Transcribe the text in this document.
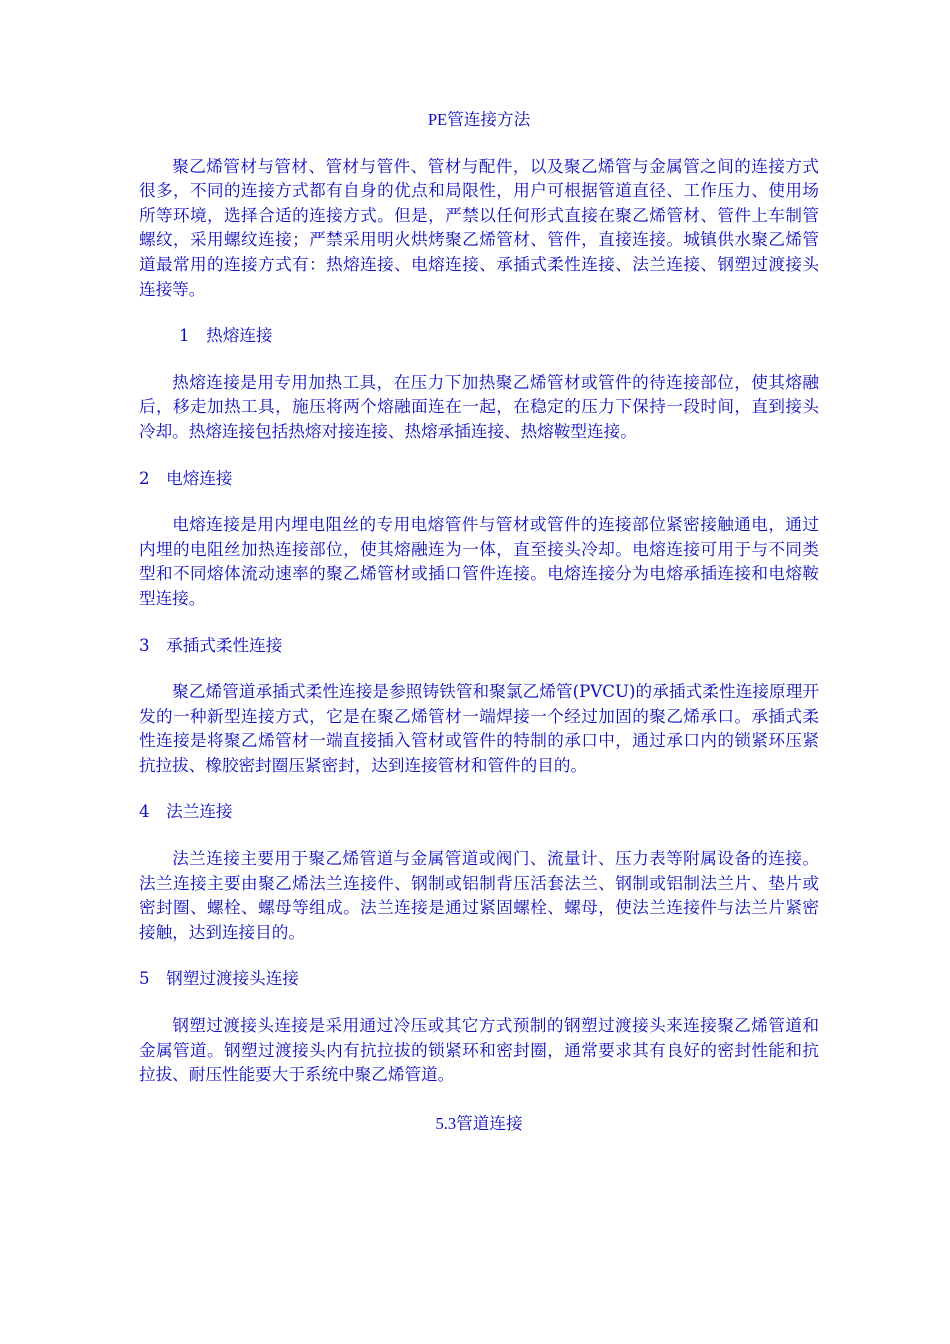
PE管连接方法

聚乙烯管材与管材、管材与管件、管材与配件，以及聚乙烯管与金属管之间的连接方式很多，不同的连接方式都有自身的优点和局限性，用户可根据管道直径、工作压力、使用场所等环境，选择合适的连接方式。但是，严禁以任何形式直接在聚乙烯管材、管件上车制管螺纹，采用螺纹连接；严禁采用明火烘烤聚乙烯管材、管件，直接连接。城镇供水聚乙烯管道最常用的连接方式有：热熔连接、电熔连接、承插式柔性连接、法兰连接、钢塑过渡接头连接等。

1　热熔连接

热熔连接是用专用加热工具，在压力下加热聚乙烯管材或管件的待连接部位，使其熔融后，移走加热工具，施压将两个熔融面连在一起，在稳定的压力下保持一段时间，直到接头冷却。热熔连接包括热熔对接连接、热熔承插连接、热熔鞍型连接。

2　电熔连接

电熔连接是用内埋电阻丝的专用电熔管件与管材或管件的连接部位紧密接触通电，通过内埋的电阻丝加热连接部位，使其熔融连为一体，直至接头冷却。电熔连接可用于与不同类型和不同熔体流动速率的聚乙烯管材或插口管件连接。电熔连接分为电熔承插连接和电熔鞍型连接。

3　承插式柔性连接

聚乙烯管道承插式柔性连接是参照铸铁管和聚氯乙烯管(PVCU)的承插式柔性连接原理开发的一种新型连接方式，它是在聚乙烯管材一端焊接一个经过加固的聚乙烯承口。承插式柔性连接是将聚乙烯管材一端直接插入管材或管件的特制的承口中，通过承口内的锁紧环压紧抗拉拔、橡胶密封圈压紧密封，达到连接管材和管件的目的。

4　法兰连接

法兰连接主要用于聚乙烯管道与金属管道或阀门、流量计、压力表等附属设备的连接。法兰连接主要由聚乙烯法兰连接件、钢制或铝制背压活套法兰、钢制或铝制法兰片、垫片或密封圈、螺栓、螺母等组成。法兰连接是通过紧固螺栓、螺母，使法兰连接件与法兰片紧密接触，达到连接目的。

5　钢塑过渡接头连接

钢塑过渡接头连接是采用通过冷压或其它方式预制的钢塑过渡接头来连接聚乙烯管道和金属管道。钢塑过渡接头内有抗拉拔的锁紧环和密封圈，通常要求其有良好的密封性能和抗拉拔、耐压性能要大于系统中聚乙烯管道。

5.3管道连接
